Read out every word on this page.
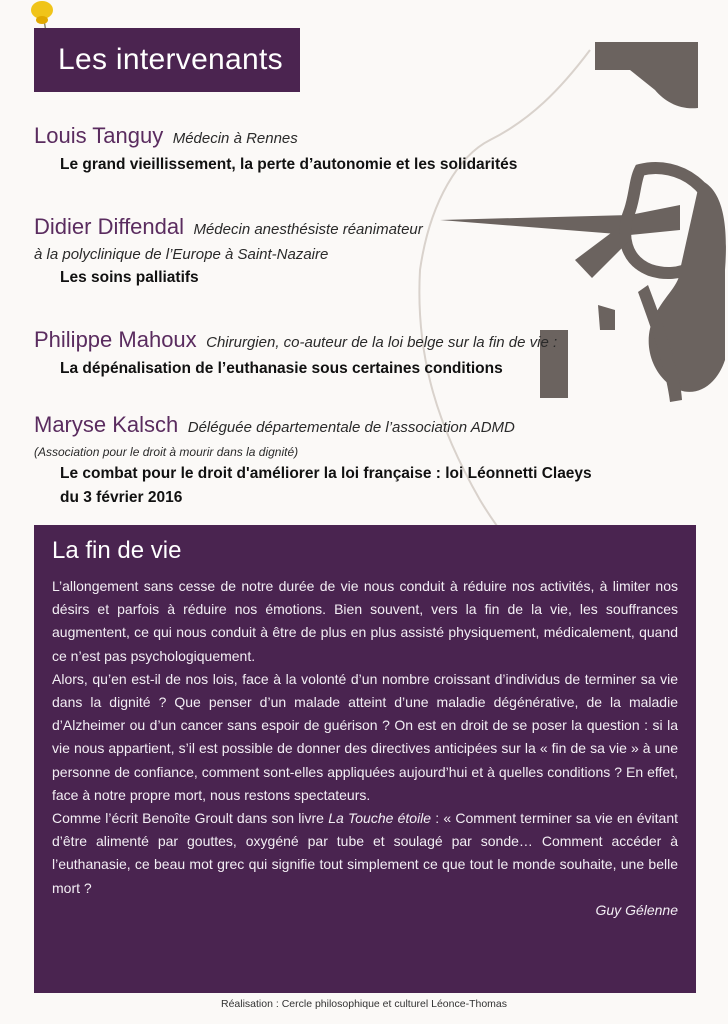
Les intervenants
Louis Tanguy Médecin à Rennes
Le grand vieillissement, la perte d’autonomie et les solidarités
Didier Diffendal Médecin anesthésiste réanimateur
à la polyclinique de l’Europe à Saint-Nazaire
Les soins palliatifs
Philippe Mahoux Chirurgien, co-auteur de la loi belge sur la fin de vie :
La dépénalisation de l’euthanasie sous certaines conditions
Maryse Kalsch Déléguée départementale de l’association ADMD
(Association pour le droit à mourir dans la dignité)
Le combat pour le droit d'améliorer la loi française : loi Léonnetti Claeys
du 3 février 2016
La fin de vie

L’allongement sans cesse de notre durée de vie nous conduit à réduire nos activités, à limiter nos désirs et parfois à réduire nos émotions. Bien souvent, vers la fin de la vie, les souffrances augmentent, ce qui nous conduit à être de plus en plus assisté physiquement, médicalement, quand ce n’est pas psychologiquement.

Alors, qu’en est-il de nos lois, face à la volonté d’un nombre croissant d’individus de terminer sa vie dans la dignité ? Que penser d’un malade atteint d’une maladie dégénérative, de la maladie d’Alzheimer ou d’un cancer sans espoir de guérison ? On est en droit de se poser la question : si la vie nous appartient, s’il est possible de donner des directives anticipées sur la « fin de sa vie » à une personne de confiance, comment sont-elles appliquées aujourd’hui et à quelles conditions ? En effet, face à notre propre mort, nous restons spectateurs.

Comme l’écrit Benoîte Groult dans son livre La Touche étoile : « Comment terminer sa vie en évitant d’être alimenté par gouttes, oxygéné par tube et soulagé par sonde… Comment accéder à l’euthanasie, ce beau mot grec qui signifie tout simplement ce que tout le monde souhaite, une belle mort ?

Guy Gélenne
Réalisation : Cercle philosophique et culturel Léonce-Thomas
